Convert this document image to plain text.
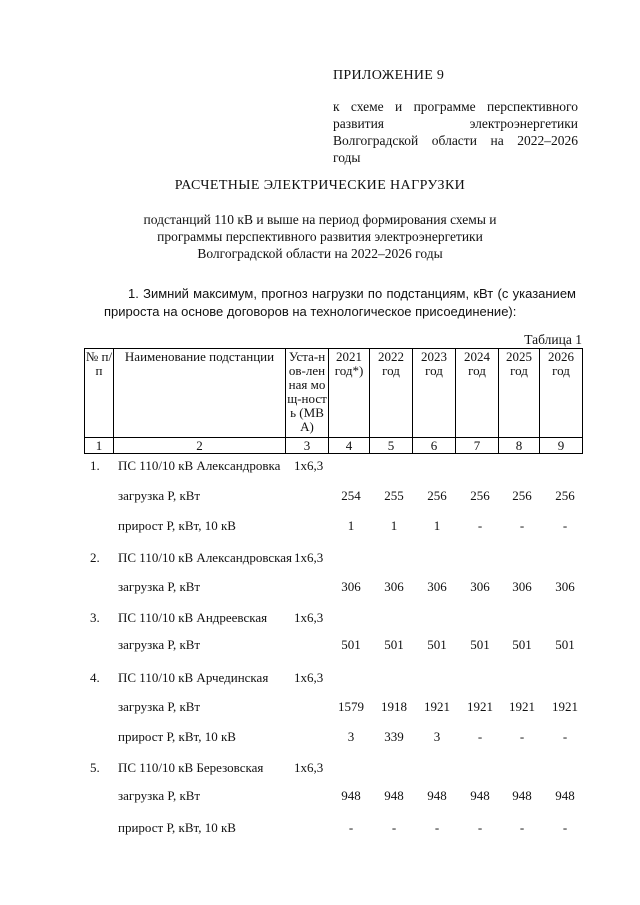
ПРИЛОЖЕНИЕ 9
к схеме и программе перспективного развития электроэнергетики Волгоградской области на 2022–2026 годы
РАСЧЕТНЫЕ ЭЛЕКТРИЧЕСКИЕ НАГРУЗКИ
подстанций 110 кВ и выше на период формирования схемы и программы перспективного развития электроэнергетики Волгоградской области на 2022–2026 годы
1. Зимний максимум, прогноз нагрузки по подстанциям, кВт (с указанием прироста на основе договоров на технологическое присоединение):
Таблица 1
№ п/п	Наименование подстанции	Уста-нов-ленная мощ-ность (МВА)	2021 год*)	2022 год	2023 год	2024 год	2025 год	2026 год
1	2	3	4	5	6	7	8	9
1. ПС 110/10 кВ Александровка 1х6,3
загрузка Р, кВт	254	255	256	256	256	256
прирост Р, кВт, 10 кВ	1	1	1	-	-	-
2. ПС 110/10 кВ Александровская 1х6,3
загрузка Р, кВт	306	306	306	306	306	306
3. ПС 110/10 кВ Андреевская 1х6,3
загрузка Р, кВт	501	501	501	501	501	501
4. ПС 110/10 кВ Арчединская 1х6,3
загрузка Р, кВт	1579	1918	1921	1921	1921	1921
прирост Р, кВт, 10 кВ	3	339	3	-	-	-
5. ПС 110/10 кВ Березовская 1х6,3
загрузка Р, кВт	948	948	948	948	948	948
прирост Р, кВт, 10 кВ	-	-	-	-	-	-
